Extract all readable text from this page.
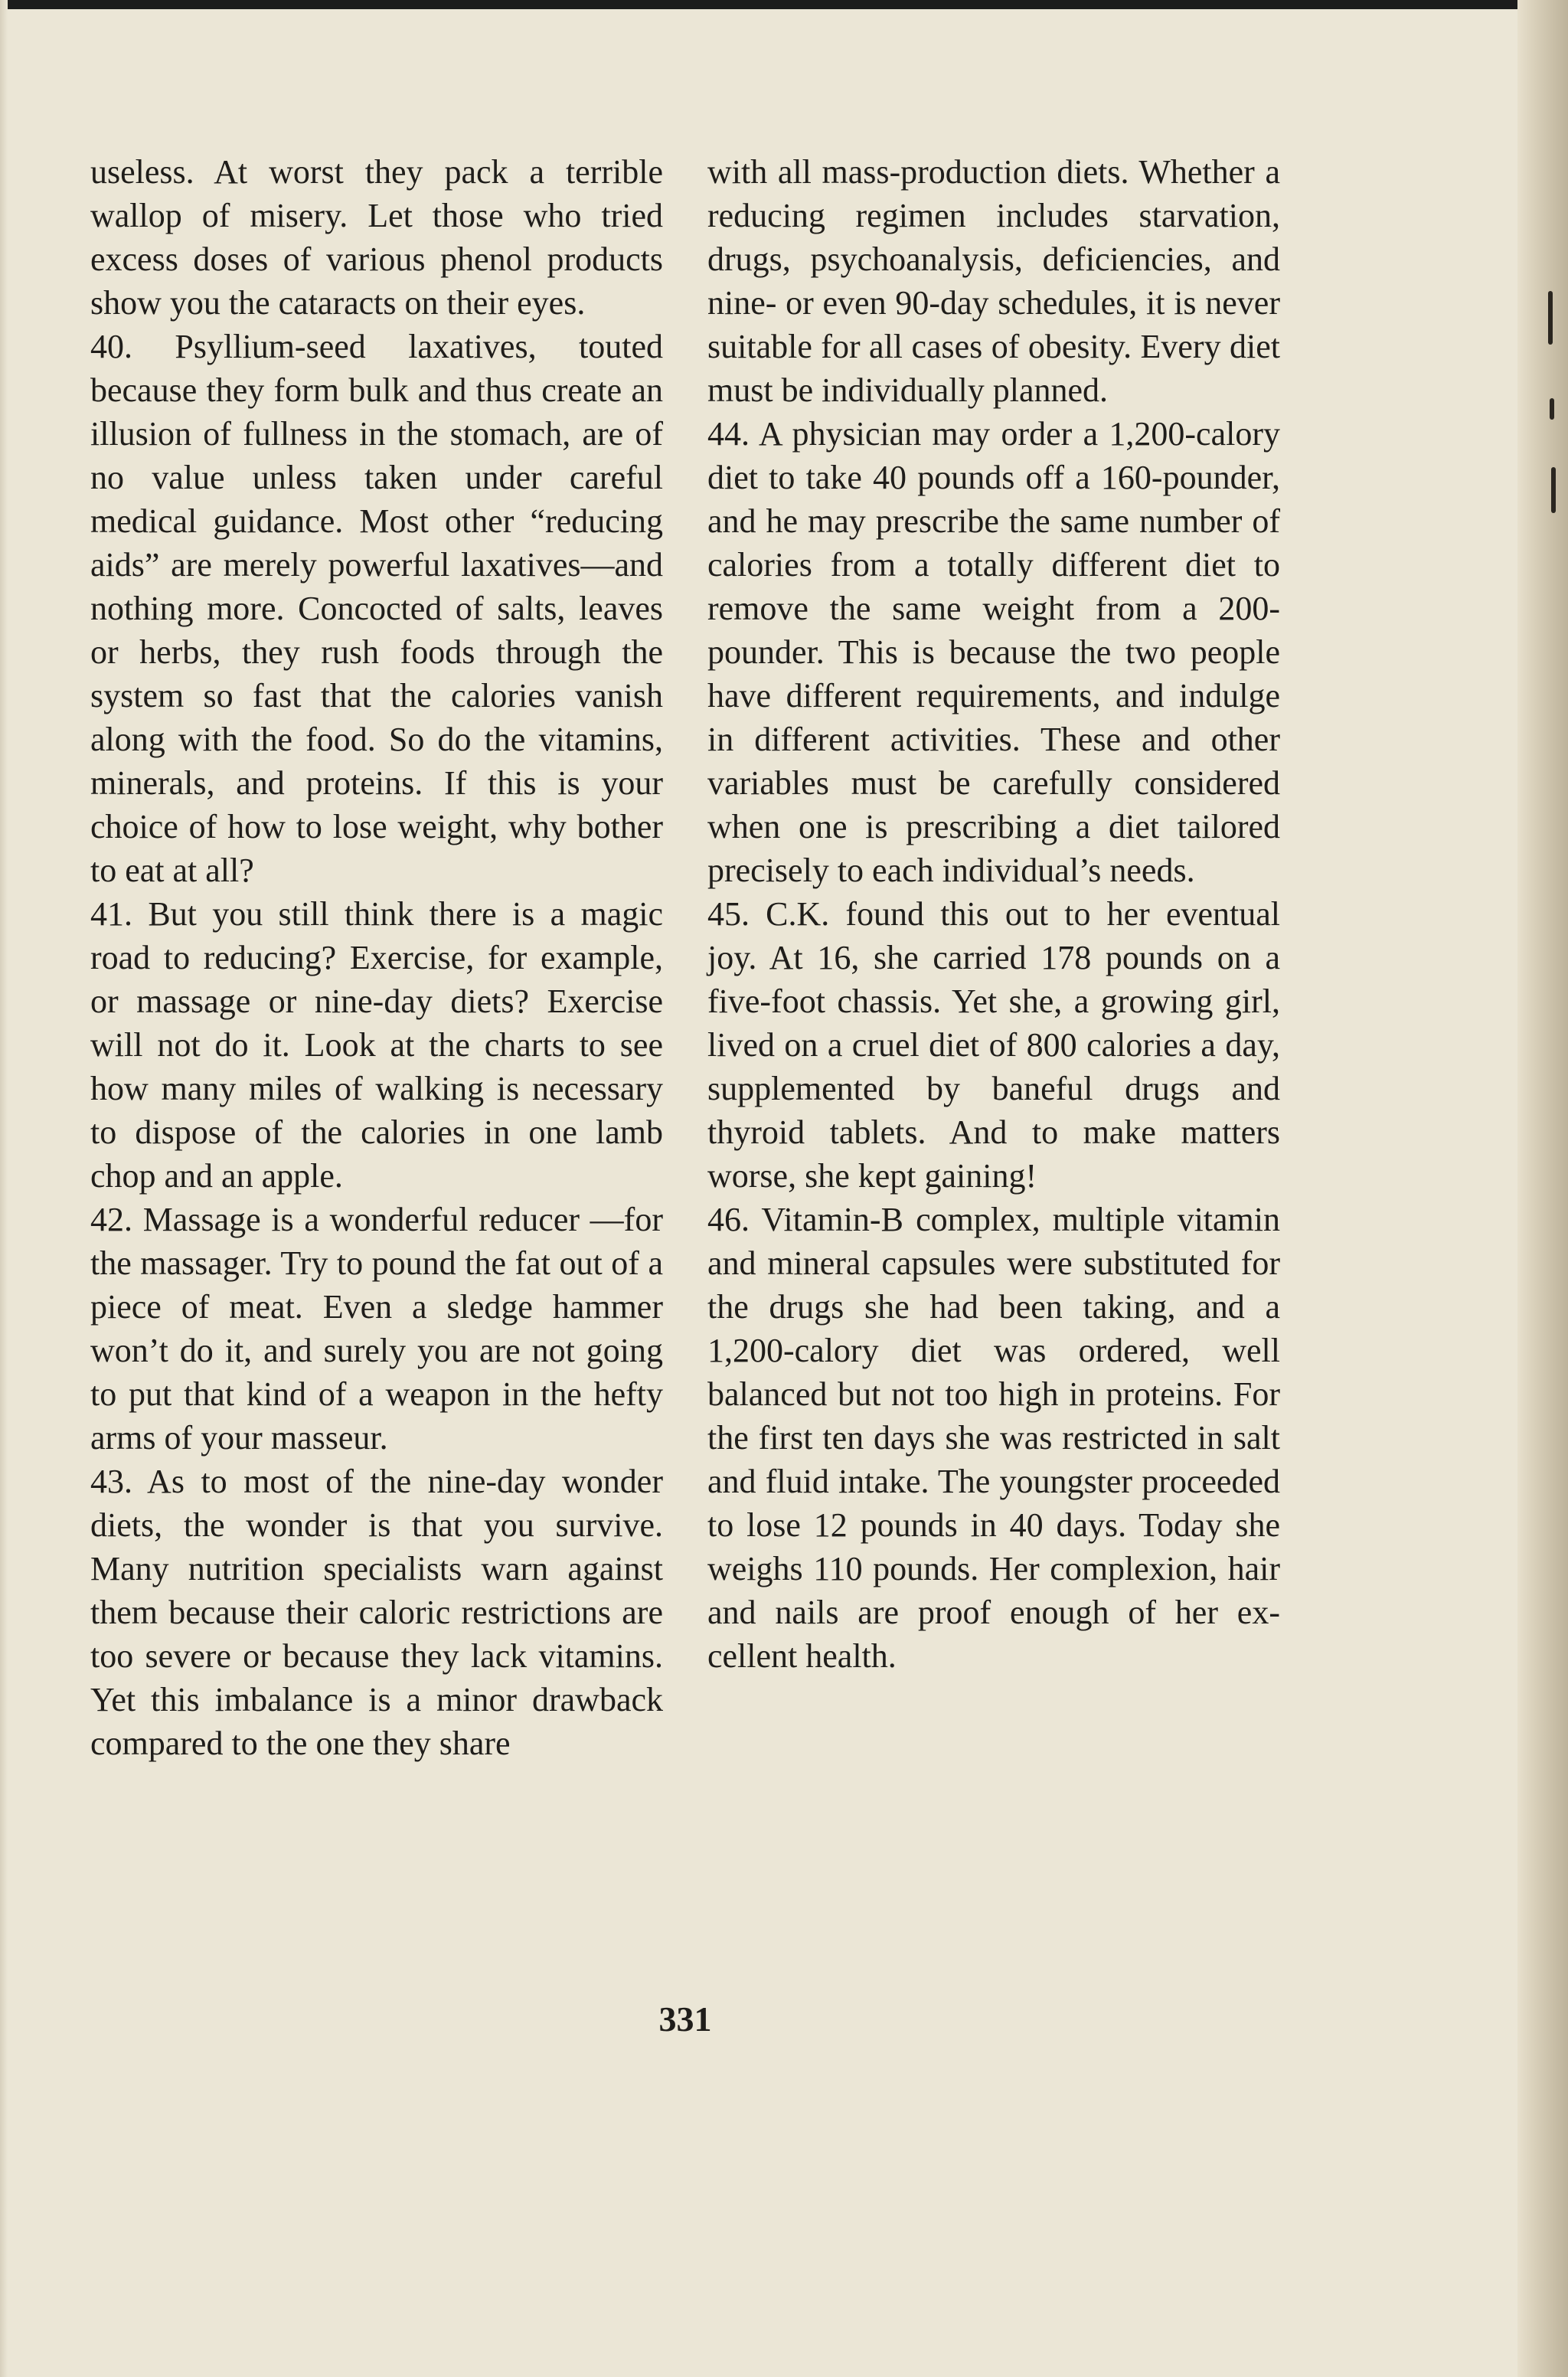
useless. At worst they pack a terrible wallop of misery. Let those who tried excess doses of various phenol products show you the cataracts on their eyes.

40. Psyllium-seed laxatives, touted because they form bulk and thus create an illusion of fullness in the stomach, are of no value unless taken under careful medical guidance. Most other “reducing aids” are merely powerful laxatives—and nothing more. Concocted of salts, leaves or herbs, they rush foods through the system so fast that the calories vanish along with the food. So do the vitamins, minerals, and proteins. If this is your choice of how to lose weight, why bother to eat at all?

41. But you still think there is a magic road to reducing? Exercise, for example, or massage or nine-day diets? Exercise will not do it. Look at the charts to see how many miles of walking is necessary to dispose of the calories in one lamb chop and an apple.

42. Massage is a wonderful reducer —for the massager. Try to pound the fat out of a piece of meat. Even a sledge hammer won’t do it, and surely you are not going to put that kind of a weapon in the hefty arms of your masseur.

43. As to most of the nine-day wonder diets, the wonder is that you survive. Many nutrition specialists warn against them because their caloric restrictions are too severe or because they lack vitamins. Yet this imbalance is a minor drawback compared to the one they share

with all mass-production diets. Whether a reducing regimen includes starvation, drugs, psychoanalysis, deficiencies, and nine- or even 90-day schedules, it is never suitable for all cases of obesity. Every diet must be individually planned.

44. A physician may order a 1,200-calory diet to take 40 pounds off a 160-pounder, and he may prescribe the same number of calories from a totally different diet to remove the same weight from a 200-pounder. This is because the two people have different requirements, and indulge in different activities. These and other variables must be carefully considered when one is prescribing a diet tailored precisely to each individual’s needs.

45. C.K. found this out to her eventual joy. At 16, she carried 178 pounds on a five-foot chassis. Yet she, a growing girl, lived on a cruel diet of 800 calories a day, supplemented by baneful drugs and thyroid tablets. And to make matters worse, she kept gaining!

46. Vitamin-B complex, multiple vitamin and mineral capsules were substituted for the drugs she had been taking, and a 1,200-calory diet was ordered, well balanced but not too high in proteins. For the first ten days she was restricted in salt and fluid intake. The youngster proceeded to lose 12 pounds in 40 days. Today she weighs 110 pounds. Her complexion, hair and nails are proof enough of her excellent health.

331
